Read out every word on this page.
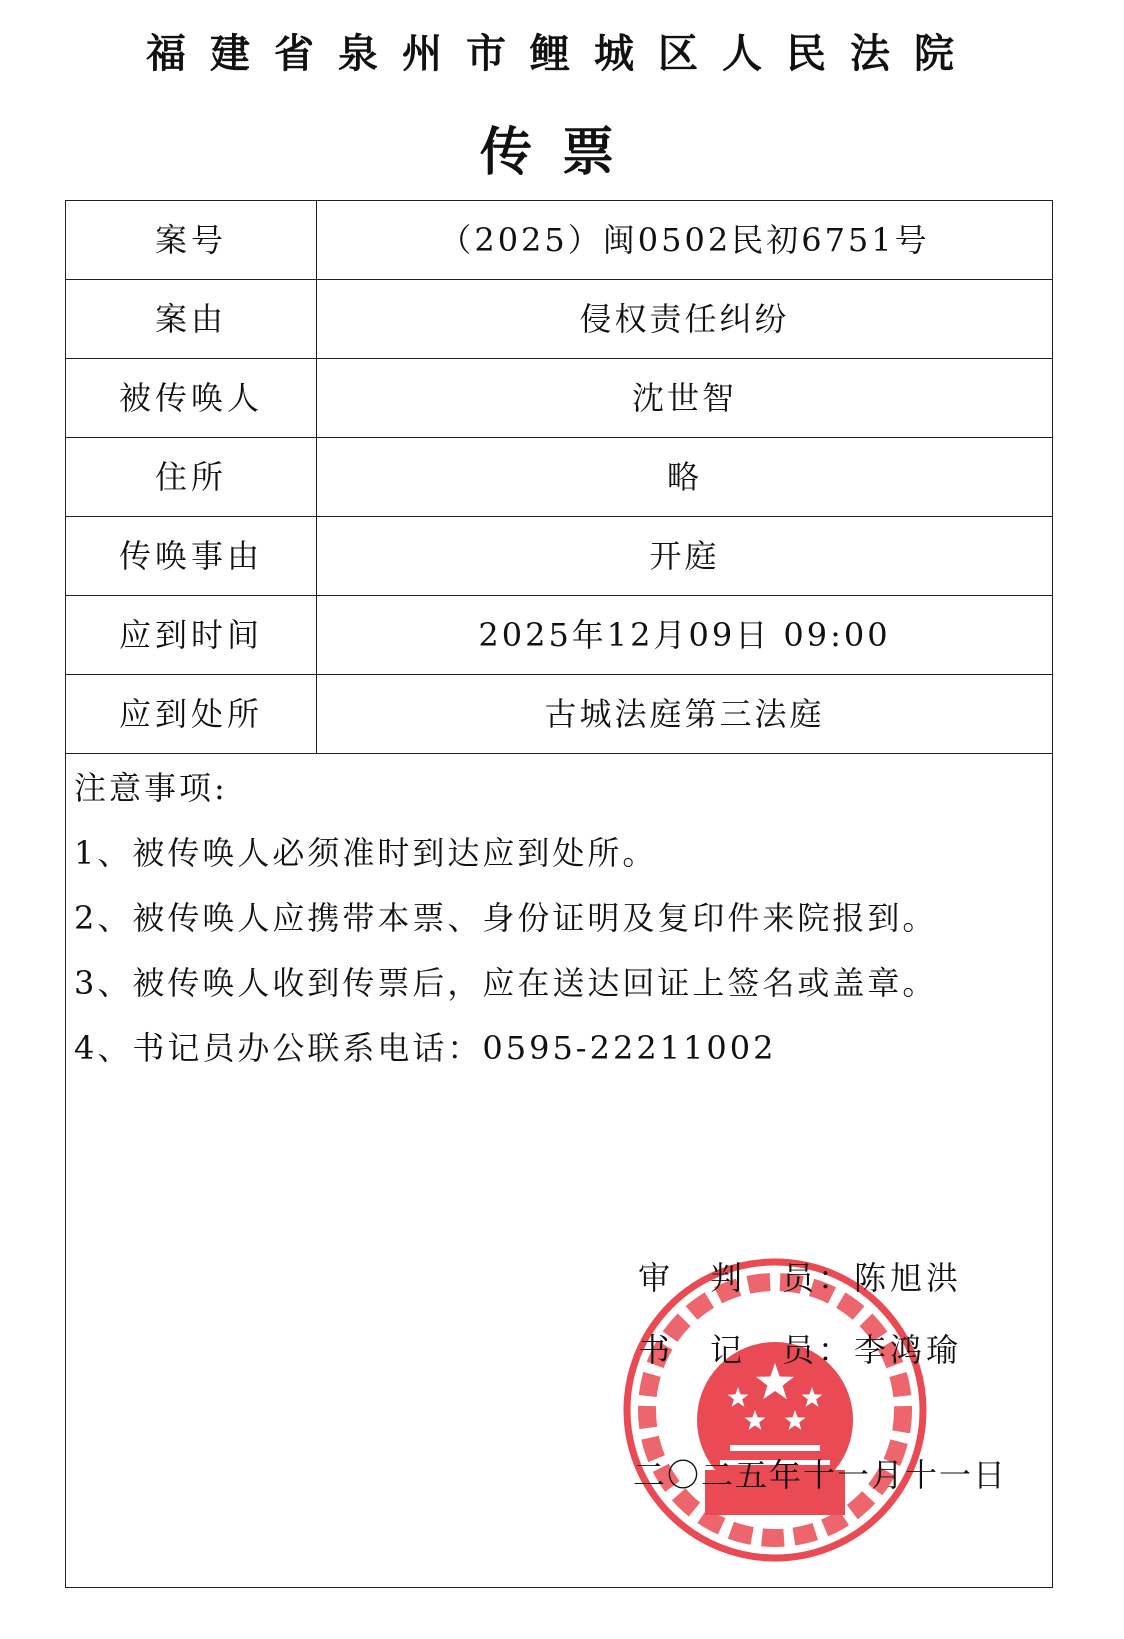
福建省泉州市鲤城区人民法院
传票
案号	（2025）闽0502民初6751号
案由	侵权责任纠纷
被传唤人	沈世智
住所	略
传唤事由	开庭
应到时间	2025年12月09日 09:00
应到处所	古城法庭第三法庭
注意事项:
1、被传唤人必须准时到达应到处所。
2、被传唤人应携带本票、身份证明及复印件来院报到。
3、被传唤人收到传票后，应在送达回证上签名或盖章。
4、书记员办公联系电话：0595-22211002
审　判　员：陈旭洪
书　记　员：李鸿瑜
二〇二五年十一月十一日
